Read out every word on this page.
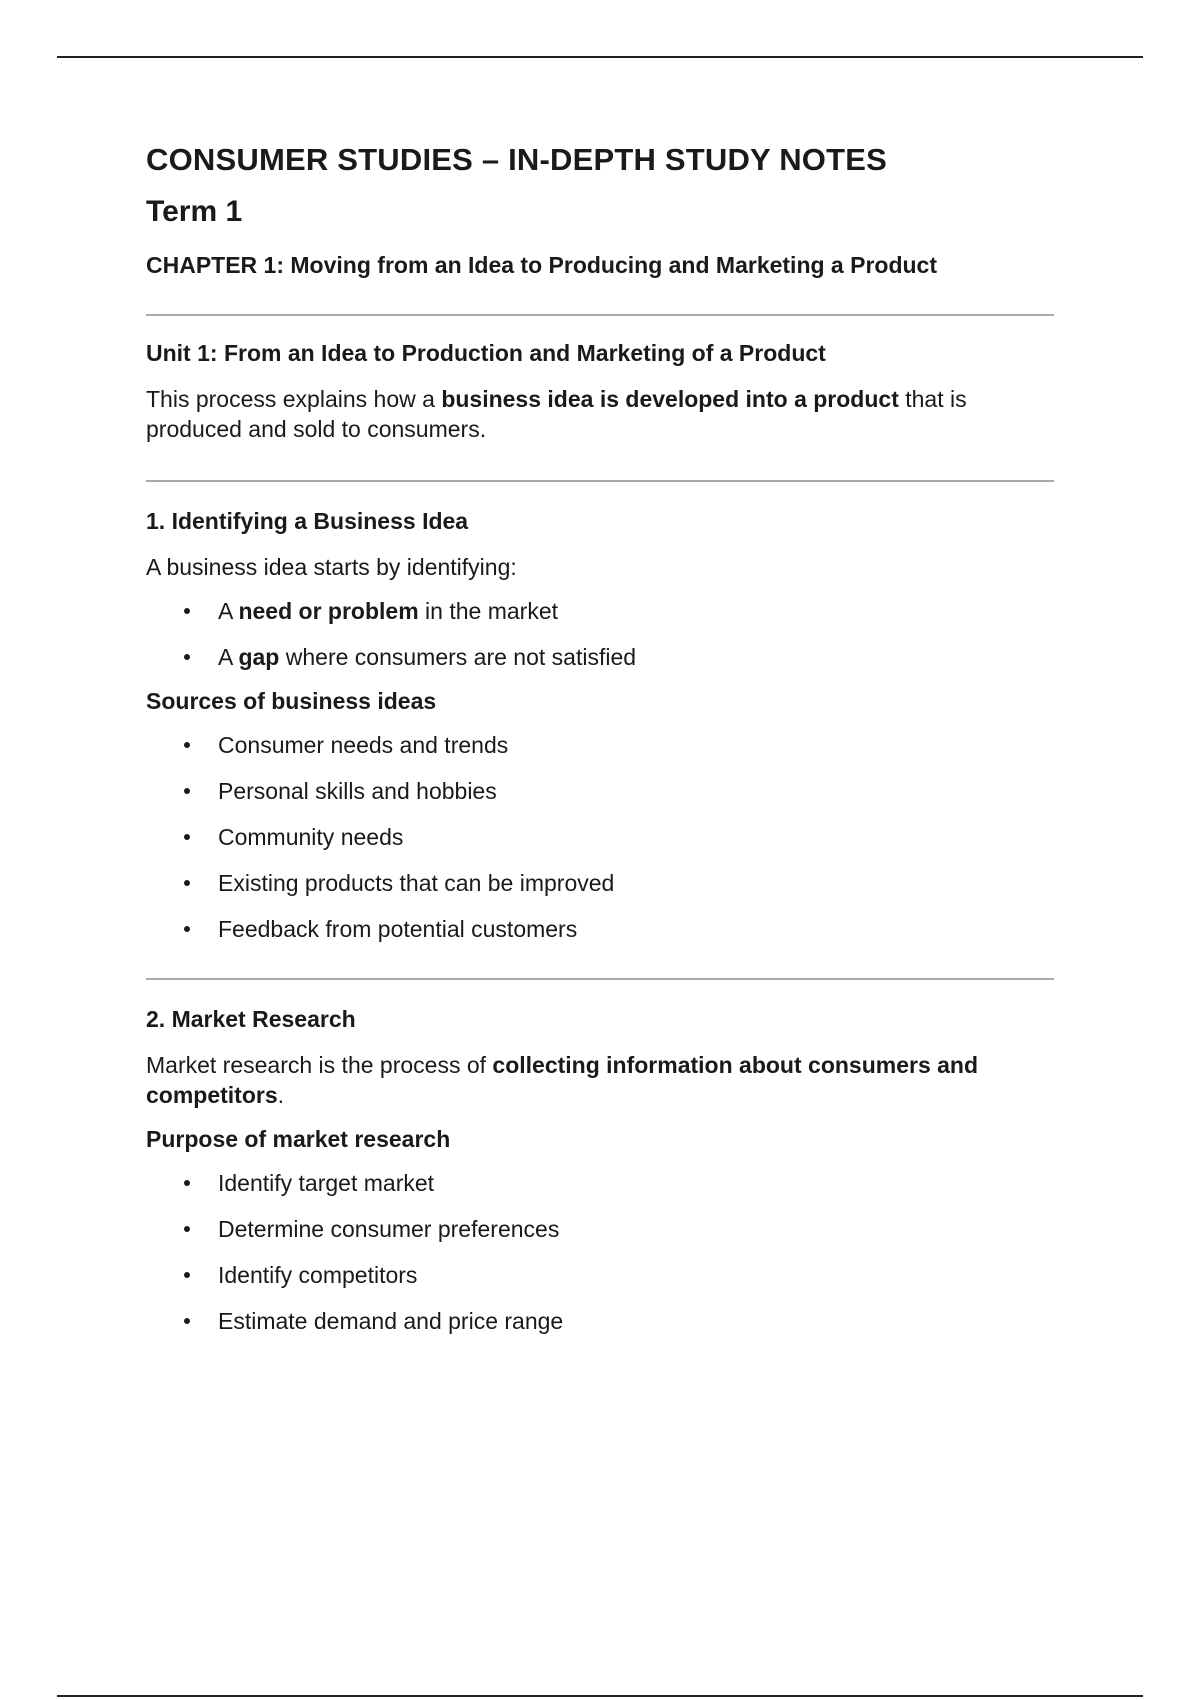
CONSUMER STUDIES – IN-DEPTH STUDY NOTES
Term 1
CHAPTER 1: Moving from an Idea to Producing and Marketing a Product
Unit 1: From an Idea to Production and Marketing of a Product

This process explains how a business idea is developed into a product that is produced and sold to consumers.

1. Identifying a Business Idea

A business idea starts by identifying:

A need or problem in the market
A gap where consumers are not satisfied
Sources of business ideas
Consumer needs and trends
Personal skills and hobbies
Community needs
Existing products that can be improved
Feedback from potential customers
2. Market Research

Market research is the process of collecting information about consumers and competitors.

Purpose of market research
Identify target market
Determine consumer preferences
Identify competitors
Estimate demand and price range
